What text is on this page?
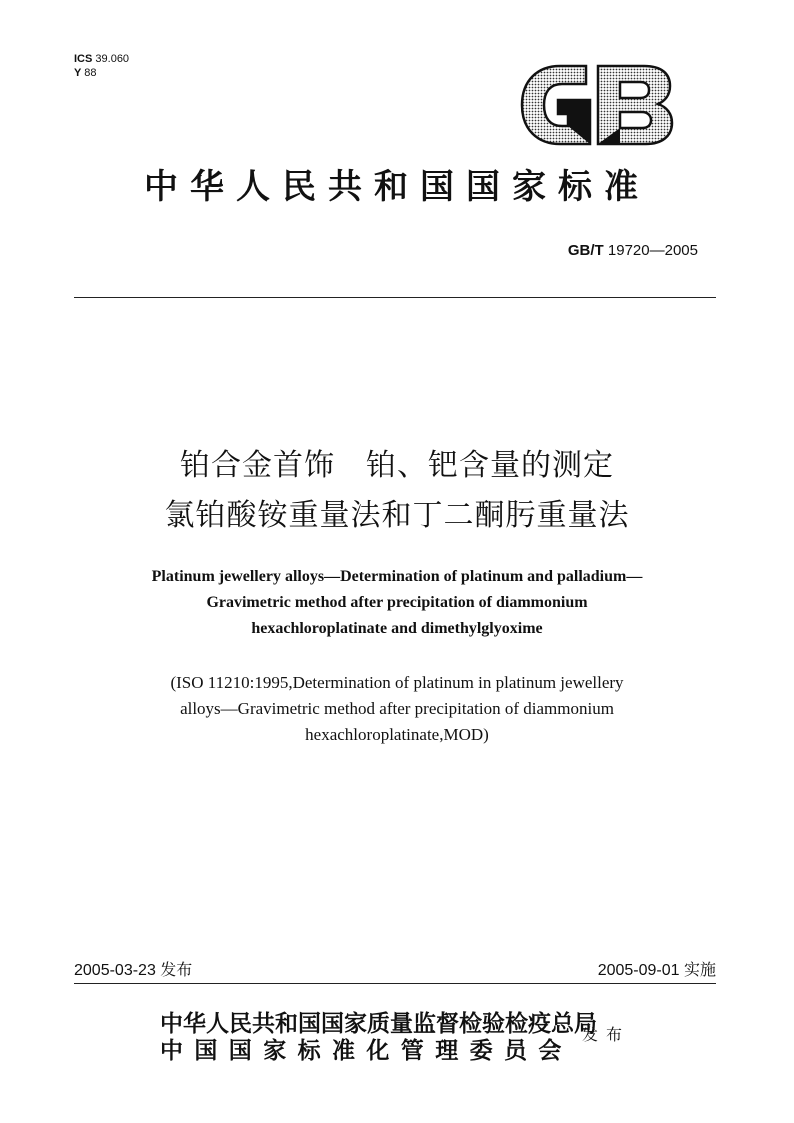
ICS 39.060
Y 88
GB
中华人民共和国国家标准
GB/T 19720—2005
铂合金首饰　铂、钯含量的测定
氯铂酸铵重量法和丁二酮肟重量法
Platinum jewellery alloys—Determination of platinum and palladium—
Gravimetric method after precipitation of diammonium
hexachloroplatinate and dimethylglyoxime
(ISO 11210:1995,Determination of platinum in platinum jewellery
alloys—Gravimetric method after precipitation of diammonium
hexachloroplatinate,MOD)
2005-03-23 发布	2005-09-01 实施
中华人民共和国国家质量监督检验检疫总局
中国国家标准化管理委员会
发布
